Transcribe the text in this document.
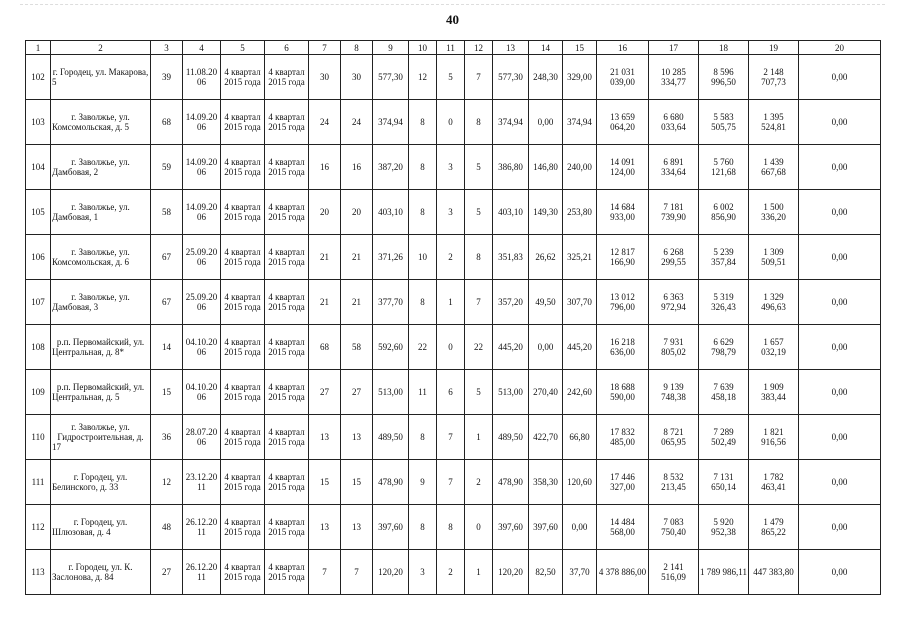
40
1	2	3	4	5	6	7	8	9	10	11	12	13	14	15	16	17	18	19	20
102	г. Городец, ул. Макарова, 5	39	11.08.2006	4 квартал 2015 года	4 квартал 2015 года	30	30	577,30	12	5	7	577,30	248,30	329,00	21 031 039,00	10 285 334,77	8 596 996,50	2 148 707,73	0,00
103	г. Заволжье, ул. Комсомольская, д. 5	68	14.09.2006	4 квартал 2015 года	4 квартал 2015 года	24	24	374,94	8	0	8	374,94	0,00	374,94	13 659 064,20	6 680 033,64	5 583 505,75	1 395 524,81	0,00
104	г. Заволжье, ул. Дамбовая, 2	59	14.09.2006	4 квартал 2015 года	4 квартал 2015 года	16	16	387,20	8	3	5	386,80	146,80	240,00	14 091 124,00	6 891 334,64	5 760 121,68	1 439 667,68	0,00
105	г. Заволжье, ул. Дамбовая, 1	58	14.09.2006	4 квартал 2015 года	4 квартал 2015 года	20	20	403,10	8	3	5	403,10	149,30	253,80	14 684 933,00	7 181 739,90	6 002 856,90	1 500 336,20	0,00
106	г. Заволжье, ул. Комсомольская, д. 6	67	25.09.2006	4 квартал 2015 года	4 квартал 2015 года	21	21	371,26	10	2	8	351,83	26,62	325,21	12 817 166,90	6 268 299,55	5 239 357,84	1 309 509,51	0,00
107	г. Заволжье, ул. Дамбовая, 3	67	25.09.2006	4 квартал 2015 года	4 квартал 2015 года	21	21	377,70	8	1	7	357,20	49,50	307,70	13 012 796,00	6 363 972,94	5 319 326,43	1 329 496,63	0,00
108	р.п. Первомайский, ул. Центральная, д. 8*	14	04.10.2006	4 квартал 2015 года	4 квартал 2015 года	68	58	592,60	22	0	22	445,20	0,00	445,20	16 218 636,00	7 931 805,02	6 629 798,79	1 657 032,19	0,00
109	р.п. Первомайский, ул. Центральная, д. 5	15	04.10.2006	4 квартал 2015 года	4 квартал 2015 года	27	27	513,00	11	6	5	513,00	270,40	242,60	18 688 590,00	9 139 748,38	7 639 458,18	1 909 383,44	0,00
110	г. Заволжье, ул. Гидростроительная, д. 17	36	28.07.2006	4 квартал 2015 года	4 квартал 2015 года	13	13	489,50	8	7	1	489,50	422,70	66,80	17 832 485,00	8 721 065,95	7 289 502,49	1 821 916,56	0,00
111	г. Городец, ул. Белинского, д. 33	12	23.12.2011	4 квартал 2015 года	4 квартал 2015 года	15	15	478,90	9	7	2	478,90	358,30	120,60	17 446 327,00	8 532 213,45	7 131 650,14	1 782 463,41	0,00
112	г. Городец, ул. Шлюзовая, д. 4	48	26.12.2011	4 квартал 2015 года	4 квартал 2015 года	13	13	397,60	8	8	0	397,60	397,60	0,00	14 484 568,00	7 083 750,40	5 920 952,38	1 479 865,22	0,00
113	г. Городец, ул. К. Заслонова, д. 84	27	26.12.2011	4 квартал 2015 года	4 квартал 2015 года	7	7	120,20	3	2	1	120,20	82,50	37,70	4 378 886,00	2 141 516,09	1 789 986,11	447 383,80	0,00
